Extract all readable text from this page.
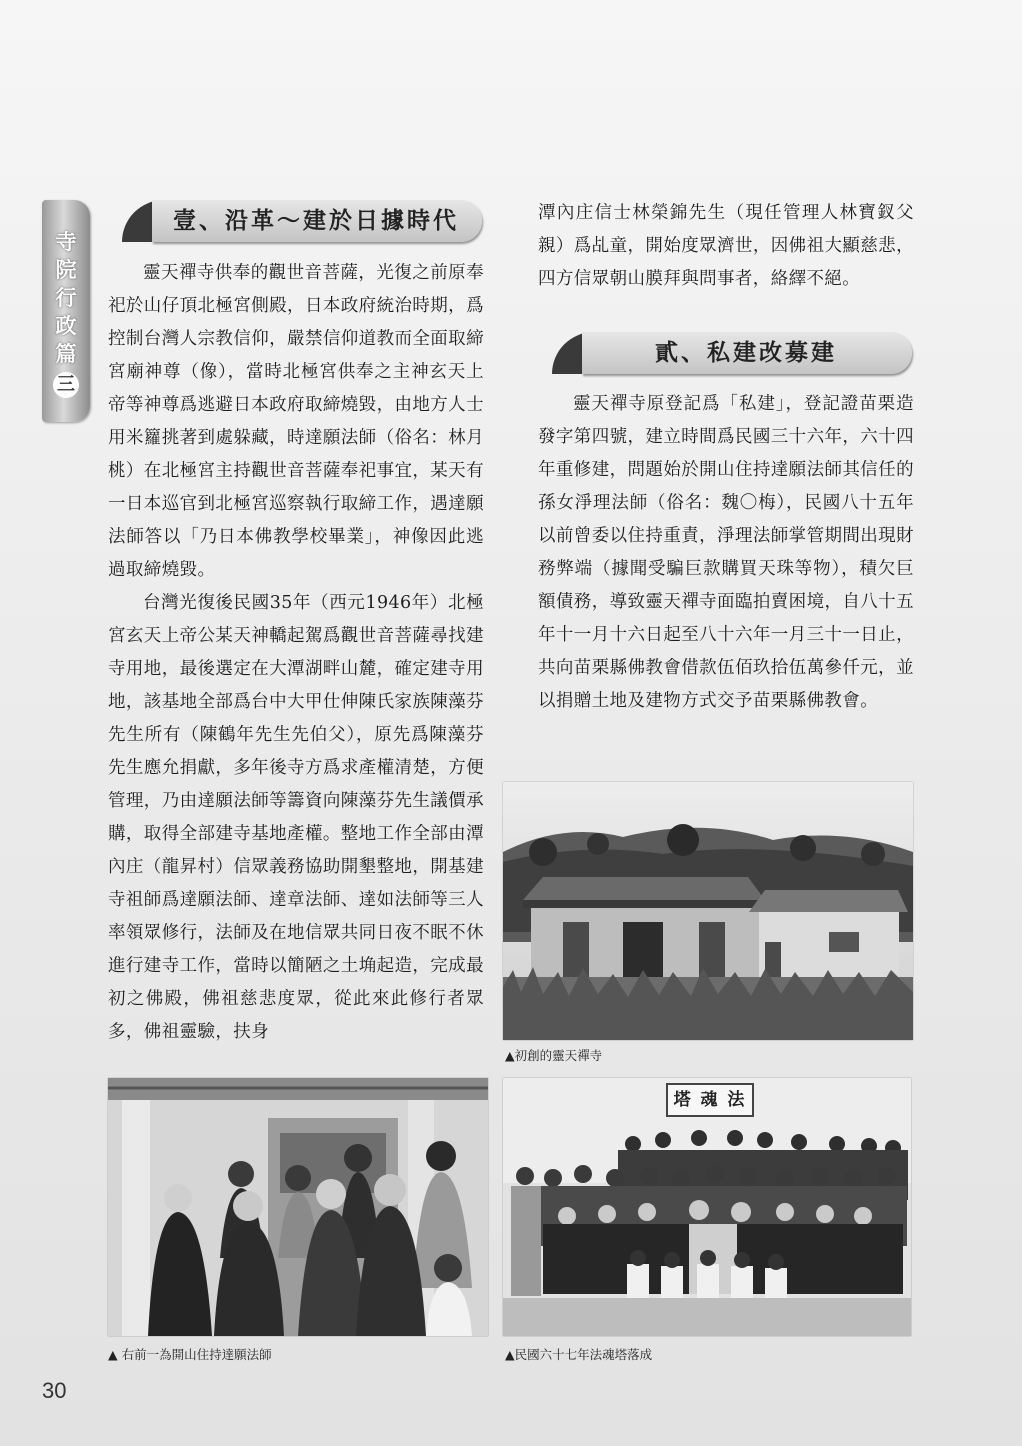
寺
院
行
政
篇
三
壹、沿革～建於日據時代

靈天禪寺供奉的觀世音菩薩，光復之前原奉祀於山仔頂北極宮側殿，日本政府統治時期，爲控制台灣人宗教信仰，嚴禁信仰道教而全面取締宮廟神尊（像），當時北極宮供奉之主神玄天上帝等神尊爲逃避日本政府取締燒毀，由地方人士用米籮挑著到處躲藏，時達願法師（俗名：林月桃）在北極宮主持觀世音菩薩奉祀事宜，某天有一日本巡官到北極宮巡察執行取締工作，遇達願法師答以「乃日本佛教學校畢業」，神像因此逃過取締燒毀。

台灣光復後民國35年（西元1946年）北極宮玄天上帝公某天神轎起駕爲觀世音菩薩尋找建寺用地，最後選定在大潭湖畔山麓，確定建寺用地，該基地全部爲台中大甲仕伸陳氏家族陳藻芬先生所有（陳鶴年先生先伯父），原先爲陳藻芬先生應允捐獻，多年後寺方爲求產權清楚，方便管理，乃由達願法師等籌資向陳藻芬先生議價承購，取得全部建寺基地產權。整地工作全部由潭內庄（龍昇村）信眾義務協助開墾整地，開基建寺祖師爲達願法師、達章法師、達如法師等三人率領眾修行，法師及在地信眾共同日夜不眠不休進行建寺工作，當時以簡陋之土埆起造，完成最初之佛殿，佛祖慈悲度眾，從此來此修行者眾多，佛祖靈驗，扶身

潭內庄信士林榮錦先生（現任管理人林寶釵父親）爲乩童，開始度眾濟世，因佛祖大顯慈悲，四方信眾朝山膜拜與問事者，絡繹不絕。

貳、私建改募建

靈天禪寺原登記爲「私建」，登記證苗栗造發字第四號，建立時間爲民國三十六年，六十四年重修建，問題始於開山住持達願法師其信任的孫女淨理法師（俗名：魏〇梅），民國八十五年以前曾委以住持重責，淨理法師掌管期間出現財務弊端（據聞受騙巨款購買天珠等物），積欠巨額債務，導致靈天禪寺面臨拍賣困境，自八十五年十一月十六日起至八十六年一月三十一日止，共向苗栗縣佛教會借款伍佰玖拾伍萬參仟元，並以捐贈土地及建物方式交予苗栗縣佛教會。

▲初創的靈天禪寺
▲ 右前一為開山住持達願法師
塔 魂 法
▲民國六十七年法魂塔落成
30
